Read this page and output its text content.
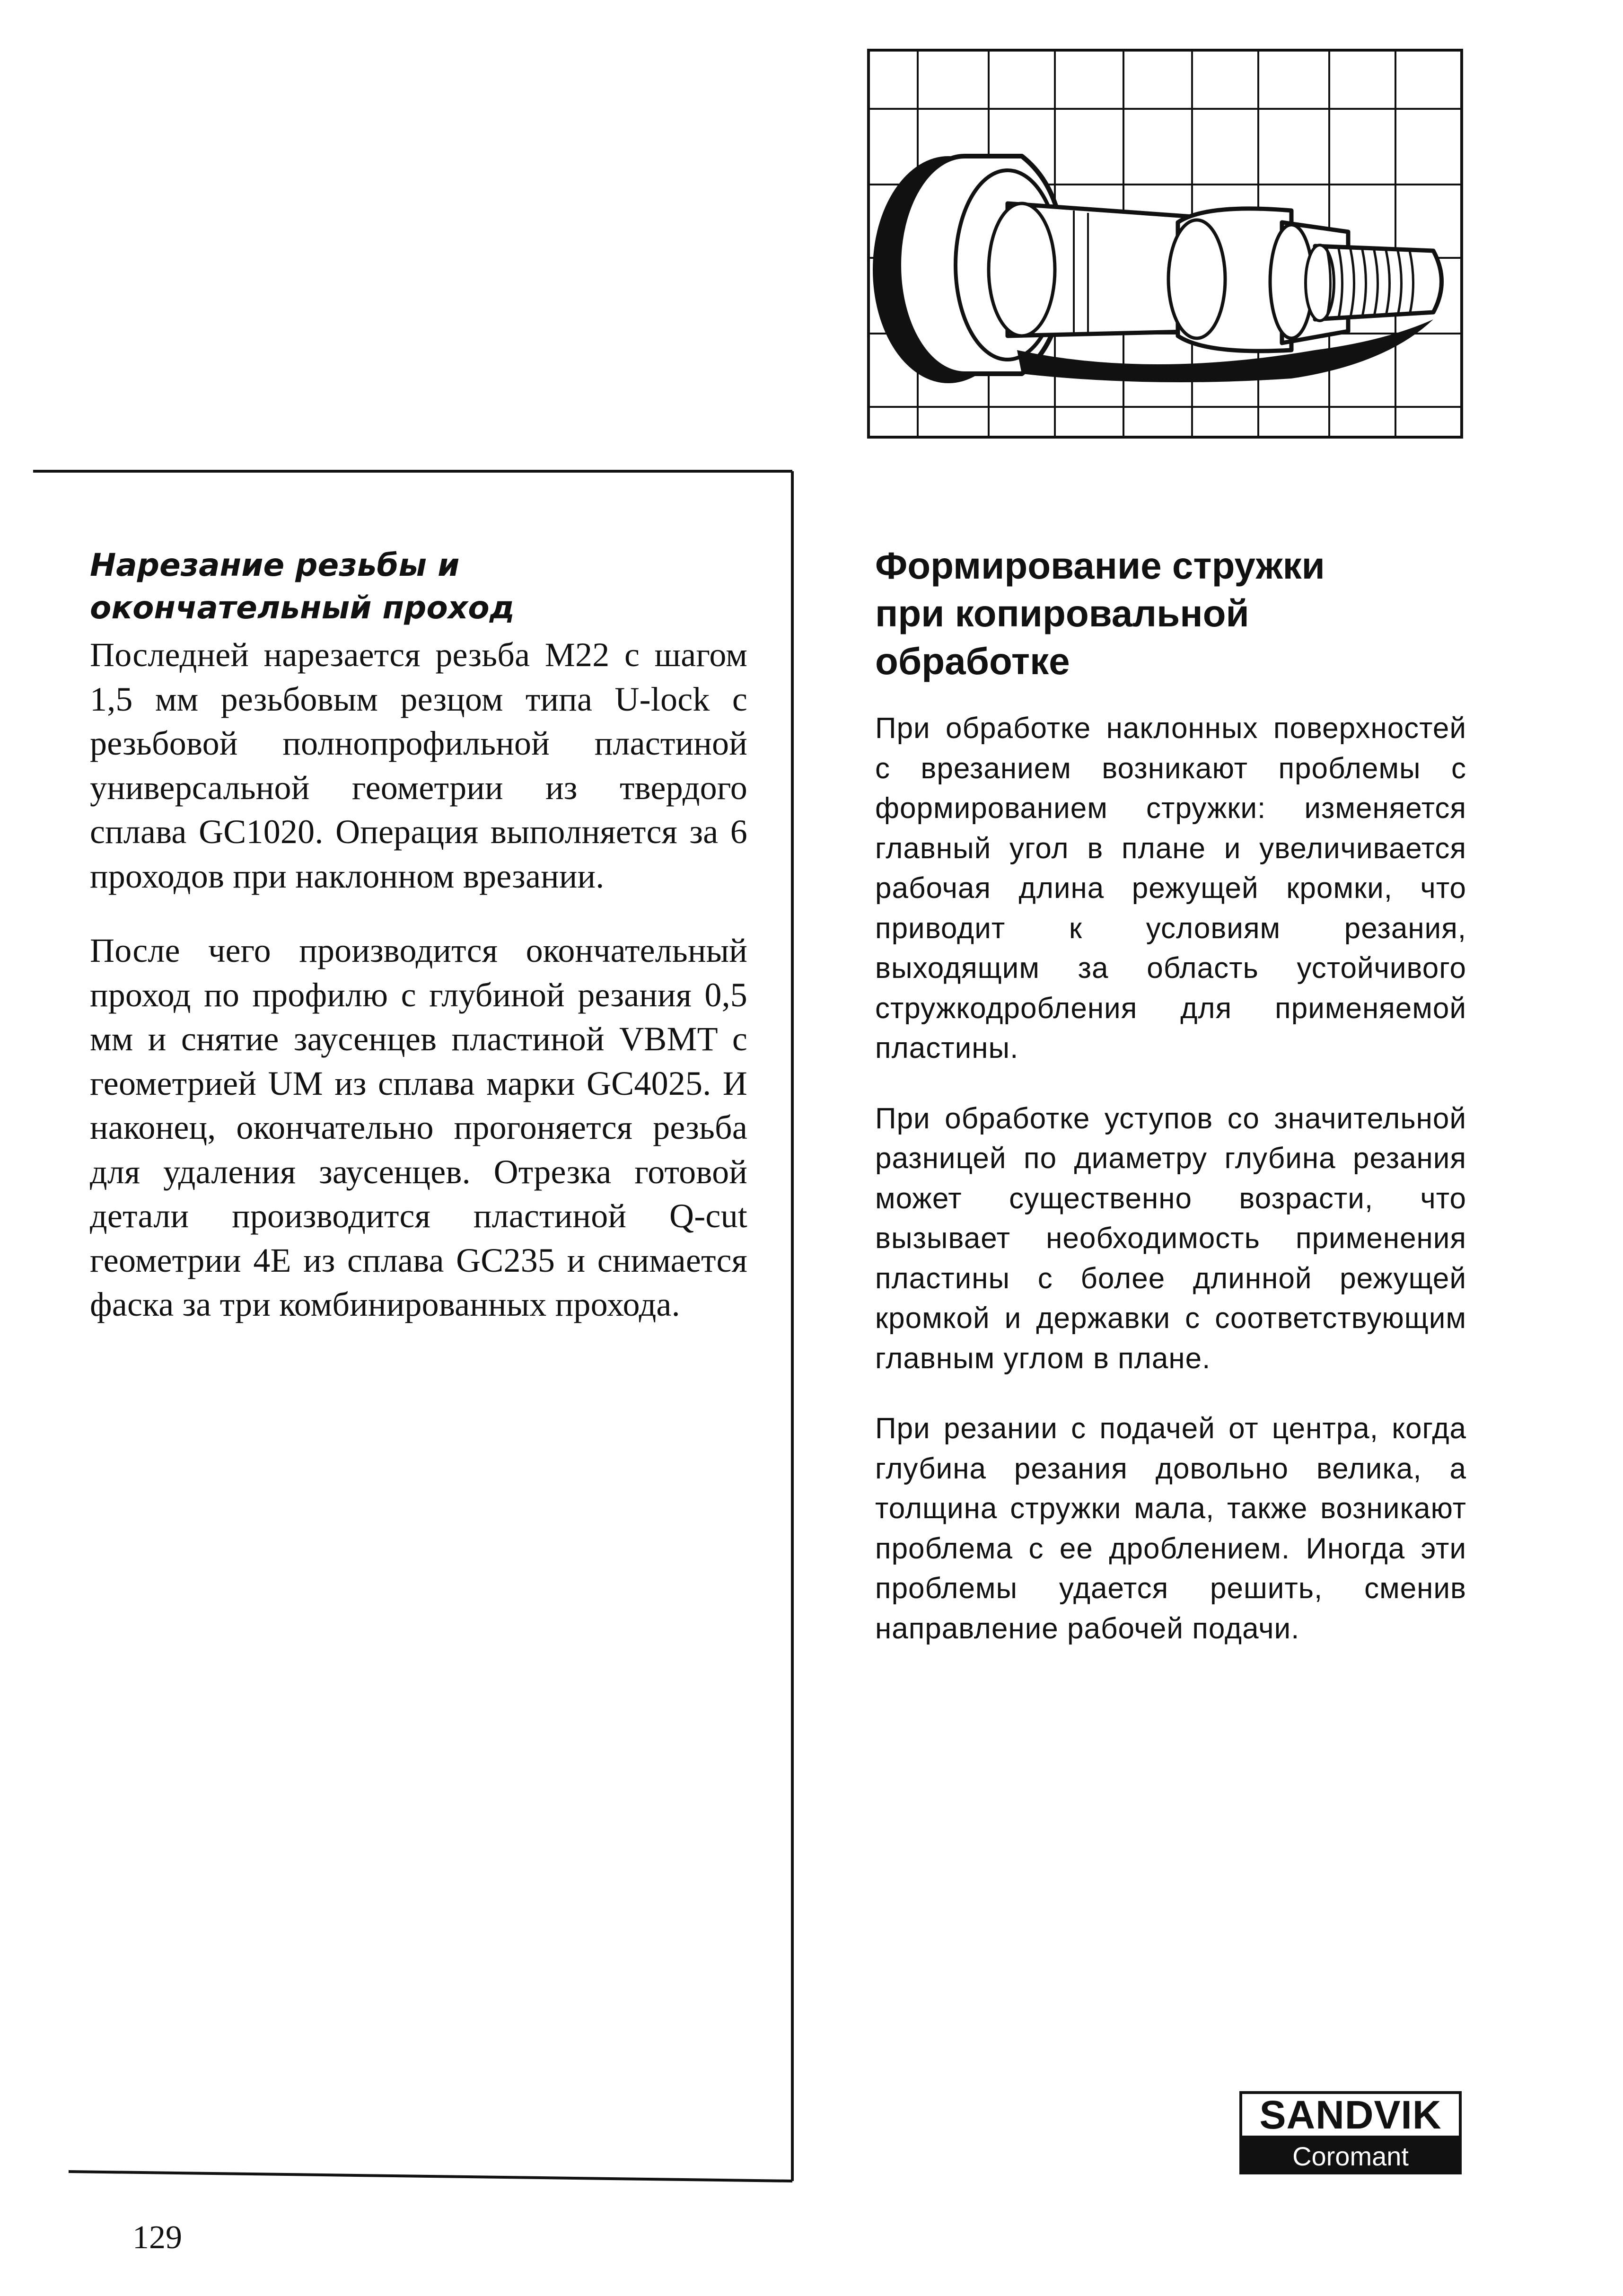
Нарезание резьбы и
окончательный проход

Последней нарезается резьба М22 с шагом 1,5 мм резьбовым резцом типа U-lock с резьбовой полнопрофильной пластиной универсальной геометрии из твердого сплава GC1020. Операция выполняется за 6 проходов при наклонном врезании.

После чего производится окончательный проход по профилю с глубиной резания 0,5 мм и снятие заусенцев пластиной VBMT с геометрией UM из сплава марки GC4025. И наконец, окончательно прогоняется резьба для удаления заусенцев. Отрезка готовой детали производится пластиной Q-cut геометрии 4E из сплава GC235 и снимается фаска за три комбинированных прохода.

Формирование стружки
при копировальной
обработке

При обработке наклонных поверхностей с врезанием возникают проблемы с формированием стружки: изменяется главный угол в плане и увеличивается рабочая длина режущей кромки, что приводит к условиям резания, выходящим за область устойчивого стружкодробления для применяемой пластины.

При обработке уступов со значительной разницей по диаметру глубина резания может существенно возрасти, что вызывает необходимость применения пластины с более длинной режущей кромкой и державки с соответствующим главным углом в плане.

При резании с подачей от центра, когда глубина резания довольно велика, а толщина стружки мала, также возникают проблема с ее дроблением. Иногда эти проблемы удается решить, сменив направление рабочей подачи.

SANDVIK
Coromant
129
